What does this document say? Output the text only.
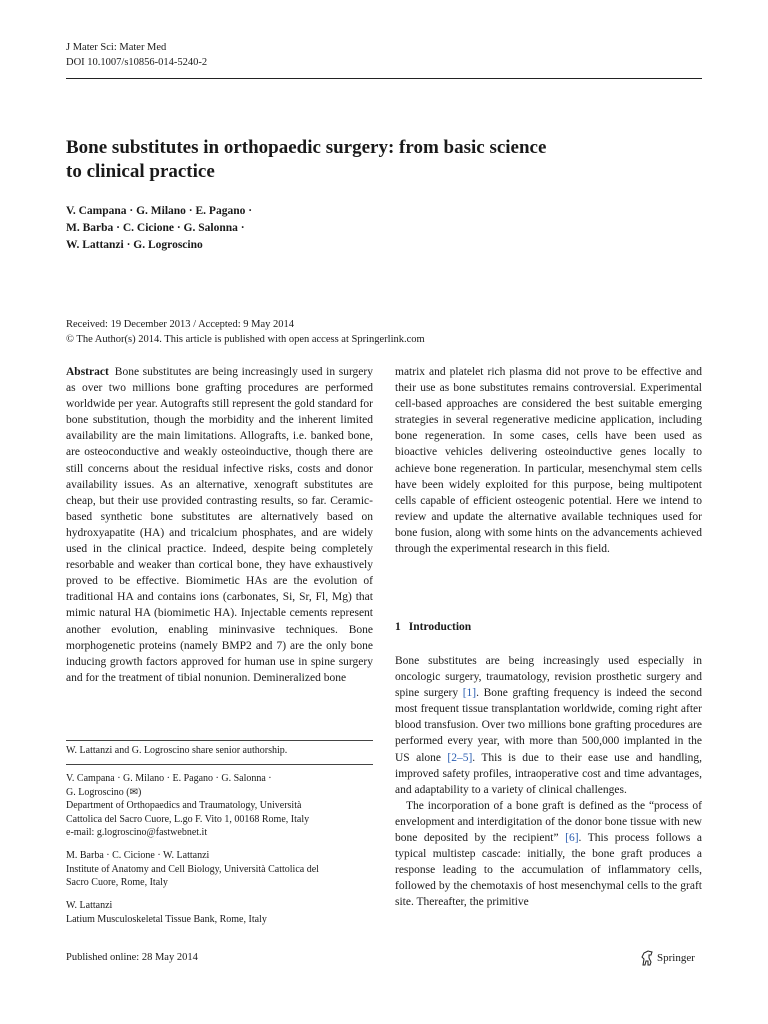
J Mater Sci: Mater Med
DOI 10.1007/s10856-014-5240-2
Bone substitutes in orthopaedic surgery: from basic science
to clinical practice
V. Campana · G. Milano · E. Pagano ·
M. Barba · C. Cicione · G. Salonna ·
W. Lattanzi · G. Logroscino
Received: 19 December 2013 / Accepted: 9 May 2014
© The Author(s) 2014. This article is published with open access at Springerlink.com

Abstract Bone substitutes are being increasingly used in surgery as over two millions bone grafting procedures are performed worldwide per year. Autografts still represent the gold standard for bone substitution, though the morbidity and the inherent limited availability are the main limitations. Allografts, i.e. banked bone, are osteoconductive and weakly osteoinductive, though there are still concerns about the residual infective risks, costs and donor availability issues. As an alternative, xenograft substitutes are cheap, but their use provided contrasting results, so far. Ceramic-based synthetic bone substitutes are alternatively based on hydroxyapatite (HA) and tricalcium phosphates, and are widely used in the clinical practice. Indeed, despite being completely resorbable and weaker than cortical bone, they have exhaustively proved to be effective. Biomimetic HAs are the evolution of traditional HA and contains ions (carbonates, Si, Sr, Fl, Mg) that mimic natural HA (biomimetic HA). Injectable cements represent another evolution, enabling mininvasive techniques. Bone morphogenetic proteins (namely BMP2 and 7) are the only bone inducing growth factors approved for human use in spine surgery and for the treatment of tibial nonunion. Demineralized bone

matrix and platelet rich plasma did not prove to be effective and their use as bone substitutes remains controversial. Experimental cell-based approaches are considered the best suitable emerging strategies in several regenerative medicine application, including bone regeneration. In some cases, cells have been used as bioactive vehicles delivering osteoinductive genes locally to achieve bone regeneration. In particular, mesenchymal stem cells have been widely exploited for this purpose, being multipotent cells capable of efficient osteogenic potential. Here we intend to review and update the alternative available techniques used for bone fusion, along with some hints on the advancements achieved through the experimental research in this field.

1 Introduction

Bone substitutes are being increasingly used especially in oncologic surgery, traumatology, revision prosthetic surgery and spine surgery [1]. Bone grafting frequency is indeed the second most frequent tissue transplantation worldwide, coming right after blood transfusion. Over two millions bone grafting procedures are performed every year, with more than 500,000 implanted in the US alone [2–5]. This is due to their ease use and handling, improved safety profiles, intraoperative cost and time advantages, and adaptability to a variety of clinical challenges.

The incorporation of a bone graft is defined as the “process of envelopment and interdigitation of the donor bone tissue with new bone deposited by the recipient” [6]. This process follows a typical multistep cascade: initially, the bone graft produces a response leading to the accumulation of inflammatory cells, followed by the chemotaxis of host mesenchymal cells to the graft site. Thereafter, the primitive

W. Lattanzi and G. Logroscino share senior authorship.
V. Campana · G. Milano · E. Pagano · G. Salonna ·
G. Logroscino (✉)
Department of Orthopaedics and Traumatology, Università
Cattolica del Sacro Cuore, L.go F. Vito 1, 00168 Rome, Italy
e-mail: g.logroscino@fastwebnet.it
M. Barba · C. Cicione · W. Lattanzi
Institute of Anatomy and Cell Biology, Università Cattolica del
Sacro Cuore, Rome, Italy
W. Lattanzi
Latium Musculoskeletal Tissue Bank, Rome, Italy
Published online: 28 May 2014	Springer
